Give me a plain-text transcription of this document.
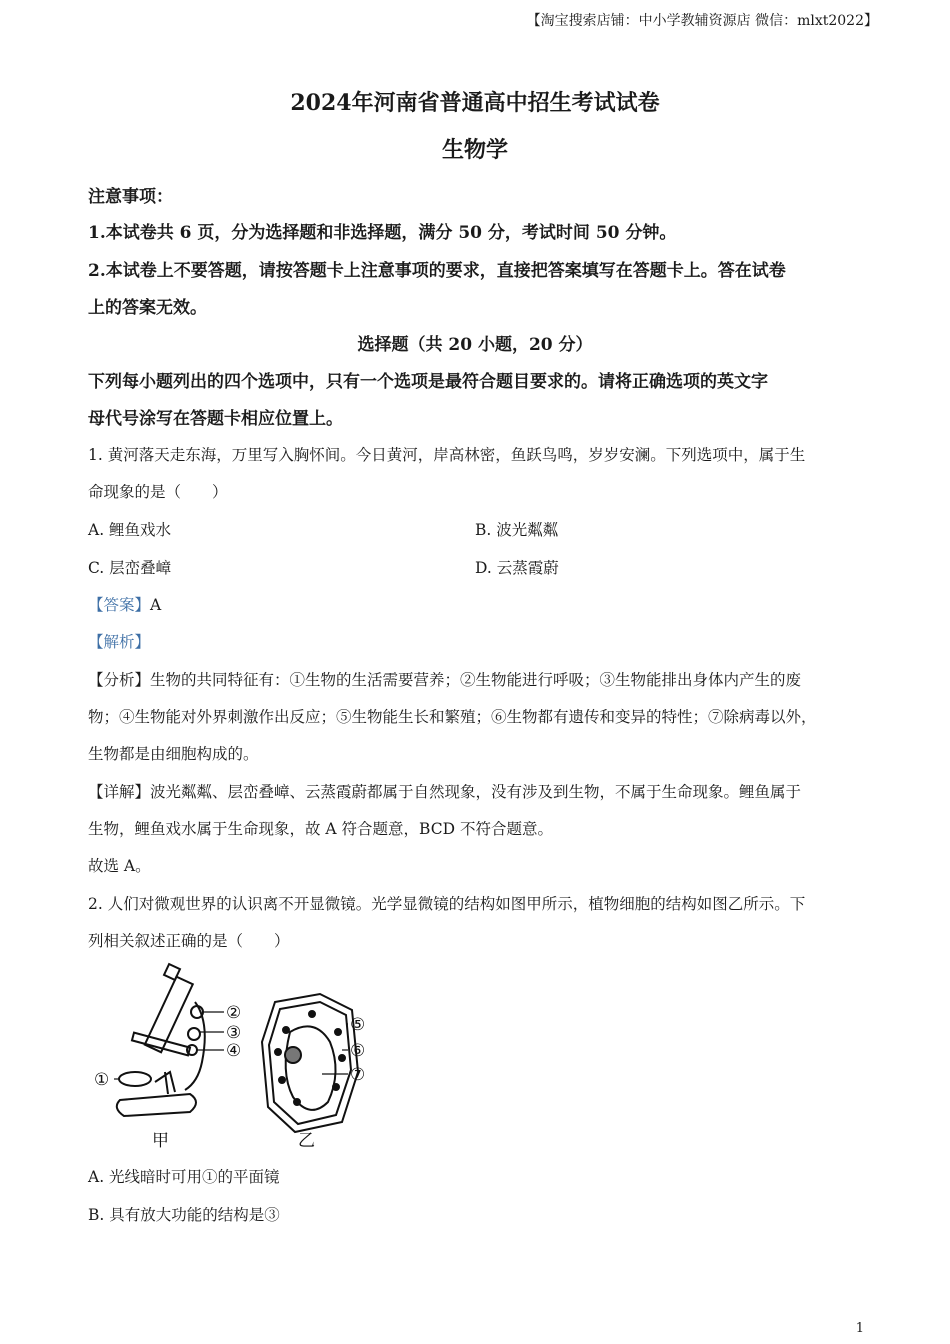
【淘宝搜索店铺：中小学教辅资源店 微信：mlxt2022】
2024年河南省普通高中招生考试试卷
生物学
注意事项：
1.本试卷共 6 页，分为选择题和非选择题，满分 50 分，考试时间 50 分钟。
2.本试卷上不要答题，请按答题卡上注意事项的要求，直接把答案填写在答题卡上。答在试卷
上的答案无效。
选择题（共 20 小题，20 分）
下列每小题列出的四个选项中，只有一个选项是最符合题目要求的。请将正确选项的英文字
母代号涂写在答题卡相应位置上。
1. 黄河落天走东海，万里写入胸怀间。今日黄河，岸高林密，鱼跃鸟鸣，岁岁安澜。下列选项中，属于生
命现象的是（　　）
A. 鲤鱼戏水	B. 波光粼粼
C. 层峦叠嶂	D. 云蒸霞蔚
【答案】A
【解析】
【分析】生物的共同特征有：①生物的生活需要营养；②生物能进行呼吸；③生物能排出身体内产生的废
物；④生物能对外界刺激作出反应；⑤生物能生长和繁殖；⑥生物都有遗传和变异的特性；⑦除病毒以外，
生物都是由细胞构成的。
【详解】波光粼粼、层峦叠嶂、云蒸霞蔚都属于自然现象，没有涉及到生物，不属于生命现象。鲤鱼属于
生物，鲤鱼戏水属于生命现象，故 A 符合题意，BCD 不符合题意。
故选 A。
2. 人们对微观世界的认识离不开显微镜。光学显微镜的结构如图甲所示，植物细胞的结构如图乙所示。下
列相关叙述正确的是（　　）
②
③
④
①
⑤
⑥
⑦
甲	乙
A. 光线暗时可用①的平面镜
B. 具有放大功能的结构是③
1
